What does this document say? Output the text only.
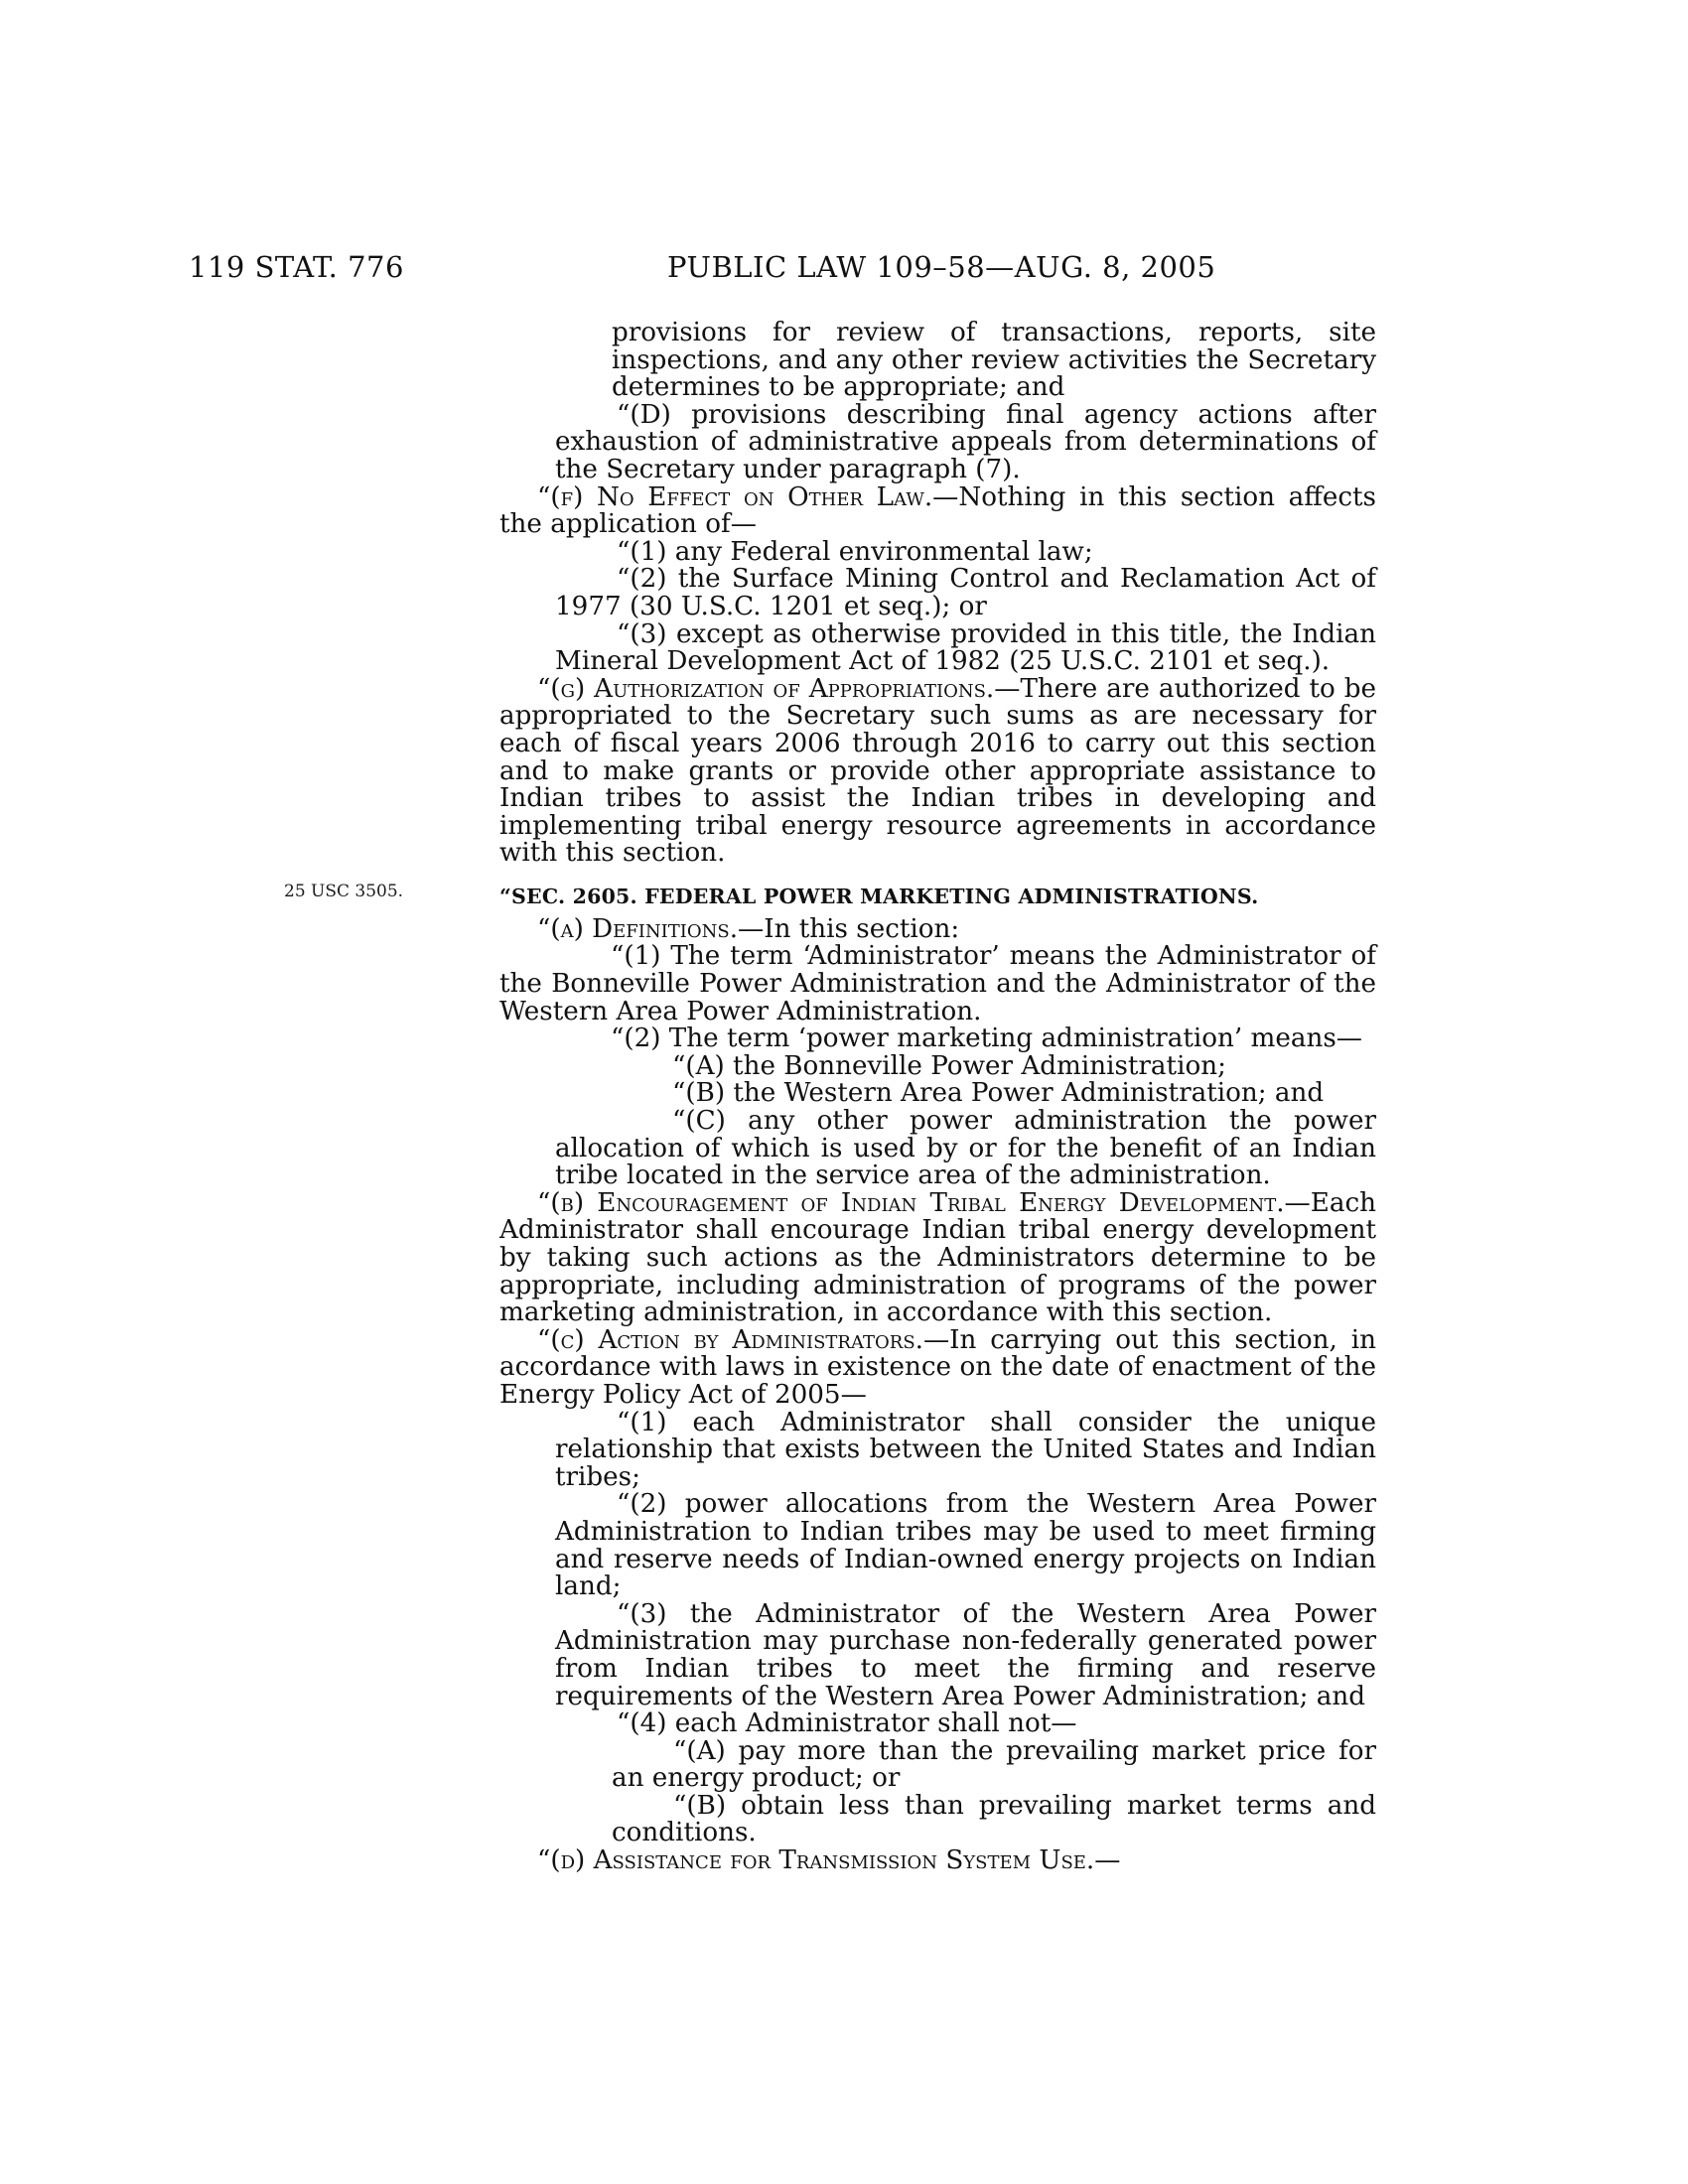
119 STAT. 776	PUBLIC LAW 109–58—AUG. 8, 2005
25 USC 3505.

provisions for review of transactions, reports, site inspections, and any other review activities the Secretary determines to be appropriate; and

“(D) provisions describing final agency actions after exhaustion of administrative appeals from determinations of the Secretary under paragraph (7).

“(f) No Effect on Other Law.—Nothing in this section affects the application of—

“(1) any Federal environmental law;

“(2) the Surface Mining Control and Reclamation Act of 1977 (30 U.S.C. 1201 et seq.); or

“(3) except as otherwise provided in this title, the Indian Mineral Development Act of 1982 (25 U.S.C. 2101 et seq.).

“(g) Authorization of Appropriations.—There are authorized to be appropriated to the Secretary such sums as are necessary for each of fiscal years 2006 through 2016 to carry out this section and to make grants or provide other appropriate assistance to Indian tribes to assist the Indian tribes in developing and implementing tribal energy resource agreements in accordance with this section.

“SEC. 2605. FEDERAL POWER MARKETING ADMINISTRATIONS.

“(a) Definitions.—In this section:

“(1) The term ‘Administrator’ means the Administrator of the Bonneville Power Administration and the Administrator of the Western Area Power Administration.

“(2) The term ‘power marketing administration’ means—

“(A) the Bonneville Power Administration;

“(B) the Western Area Power Administration; and

“(C) any other power administration the power allocation of which is used by or for the benefit of an Indian tribe located in the service area of the administration.

“(b) Encouragement of Indian Tribal Energy Development.—Each Administrator shall encourage Indian tribal energy development by taking such actions as the Administrators determine to be appropriate, including administration of programs of the power marketing administration, in accordance with this section.

“(c) Action by Administrators.—In carrying out this section, in accordance with laws in existence on the date of enactment of the Energy Policy Act of 2005—

“(1) each Administrator shall consider the unique relationship that exists between the United States and Indian tribes;

“(2) power allocations from the Western Area Power Administration to Indian tribes may be used to meet firming and reserve needs of Indian-owned energy projects on Indian land;

“(3) the Administrator of the Western Area Power Administration may purchase non-federally generated power from Indian tribes to meet the firming and reserve requirements of the Western Area Power Administration; and

“(4) each Administrator shall not—

“(A) pay more than the prevailing market price for an energy product; or

“(B) obtain less than prevailing market terms and conditions.

“(d) Assistance for Transmission System Use.—
